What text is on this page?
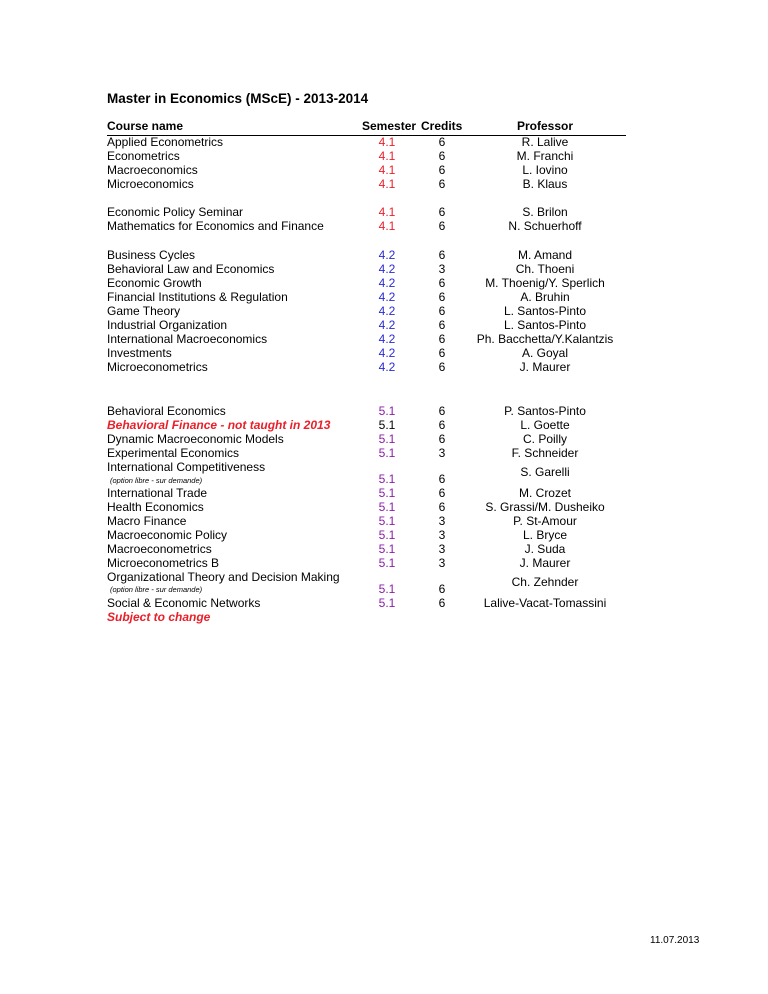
Master in Economics (MScE) - 2013-2014
Course name	Semester Credits	Professor
Applied Econometrics	4.1	6	R. Lalive
Econometrics	4.1	6	M. Franchi
Macroeconomics	4.1	6	L. Iovino
Microeconomics	4.1	6	B. Klaus
Economic Policy Seminar	4.1	6	S. Brilon
Mathematics for Economics and Finance	4.1	6	N. Schuerhoff
Business Cycles	4.2	6	M. Amand
Behavioral Law and Economics	4.2	3	Ch. Thoeni
Economic Growth	4.2	6	M. Thoenig/Y. Sperlich
Financial Institutions & Regulation	4.2	6	A. Bruhin
Game Theory	4.2	6	L. Santos-Pinto
Industrial Organization	4.2	6	L. Santos-Pinto
International Macroeconomics	4.2	6	Ph. Bacchetta/Y.Kalantzis
Investments	4.2	6	A. Goyal
Microeconometrics	4.2	6	J. Maurer
Behavioral Economics	5.1	6	P. Santos-Pinto
Behavioral Finance - not taught in 2013	5.1	6	L. Goette
Dynamic Macroeconomic Models	5.1	6	C. Poilly
Experimental Economics	5.1	3	F. Schneider
International Competitiveness
(option libre - sur demande)	5.1	6	S. Garelli
International Trade	5.1	6	M. Crozet
Health Economics	5.1	6	S. Grassi/M. Dusheiko
Macro Finance	5.1	3	P. St-Amour
Macroeconomic Policy	5.1	3	L. Bryce
Macroeconometrics	5.1	3	J. Suda
Microeconometrics B	5.1	3	J. Maurer
Organizational Theory and Decision Making
(option libre - sur demande)	5.1	6	Ch. Zehnder
Social & Economic Networks	5.1	6	Lalive-Vacat-Tomassini
Subject to change
11.07.2013
